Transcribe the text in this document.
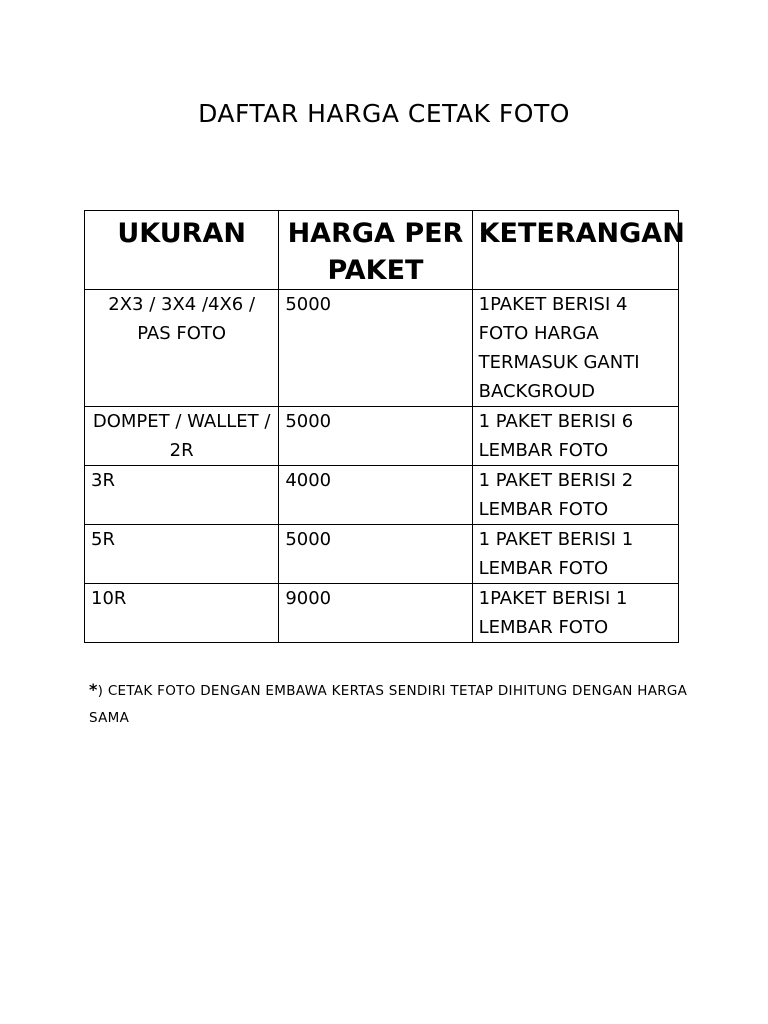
DAFTAR HARGA CETAK FOTO
UKURAN	HARGA PER PAKET	KETERANGAN
2X3 / 3X4 /4X6 / PAS FOTO	5000	1PAKET BERISI 4 FOTO HARGA TERMASUK GANTI BACKGROUD
DOMPET / WALLET / 2R	5000	1 PAKET BERISI 6 LEMBAR FOTO
3R	4000	1 PAKET BERISI 2 LEMBAR FOTO
5R	5000	1 PAKET BERISI 1 LEMBAR FOTO
10R	9000	1PAKET BERISI 1 LEMBAR FOTO
*) CETAK FOTO DENGAN EMBAWA KERTAS SENDIRI TETAP DIHITUNG DENGAN HARGA SAMA
